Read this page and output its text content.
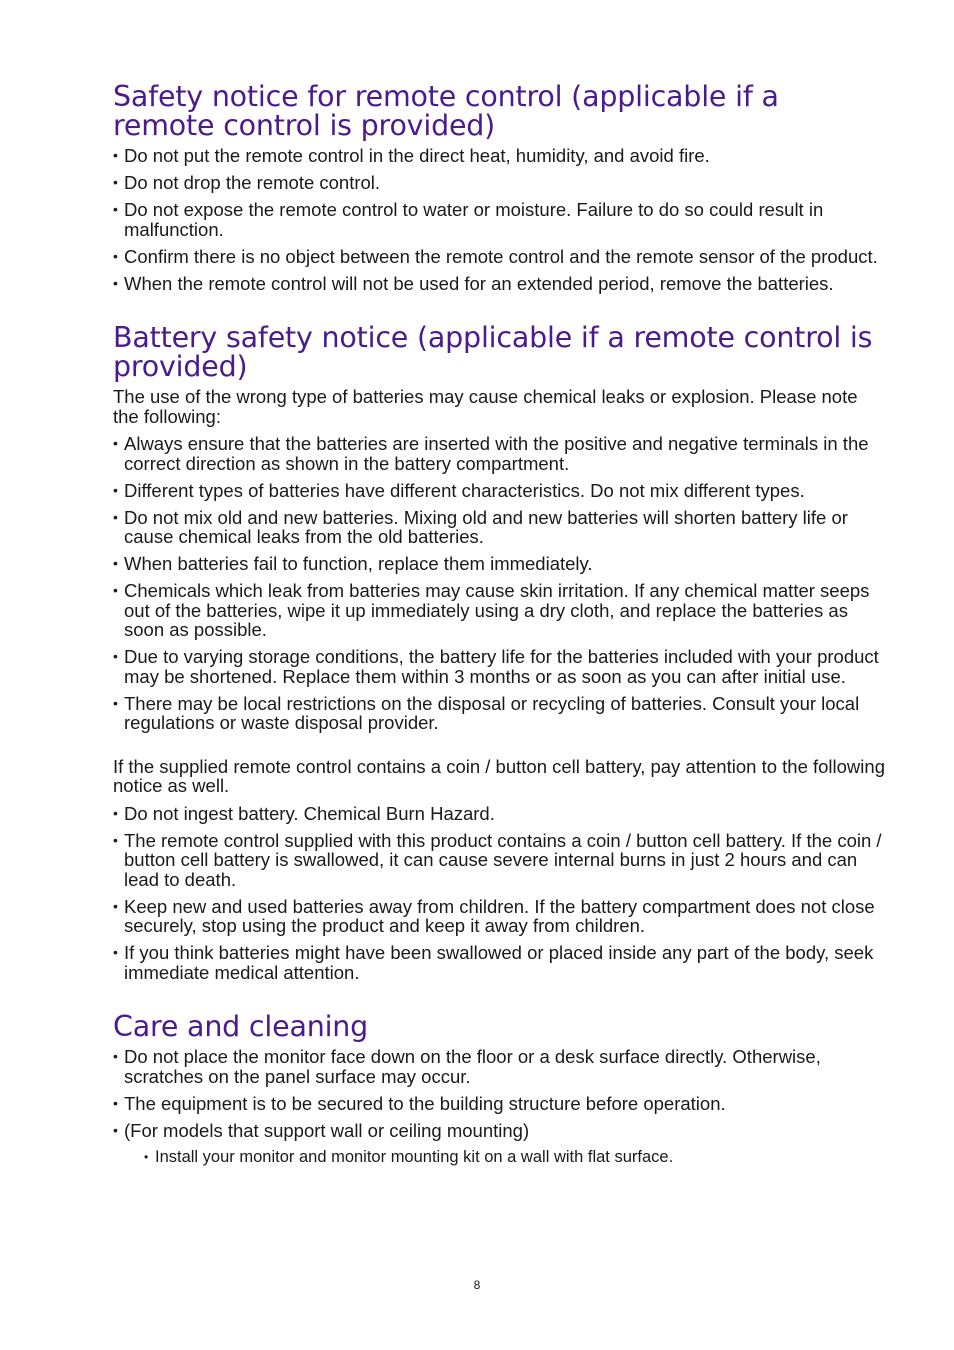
Safety notice for remote control (applicable if a remote control is provided)
• Do not put the remote control in the direct heat, humidity, and avoid fire.
• Do not drop the remote control.
• Do not expose the remote control to water or moisture. Failure to do so could result in malfunction.
• Confirm there is no object between the remote control and the remote sensor of the product.
• When the remote control will not be used for an extended period, remove the batteries.
Battery safety notice (applicable if a remote control is provided)

The use of the wrong type of batteries may cause chemical leaks or explosion. Please note the following:

• Always ensure that the batteries are inserted with the positive and negative terminals in the correct direction as shown in the battery compartment.
• Different types of batteries have different characteristics. Do not mix different types.
• Do not mix old and new batteries. Mixing old and new batteries will shorten battery life or cause chemical leaks from the old batteries.
• When batteries fail to function, replace them immediately.
• Chemicals which leak from batteries may cause skin irritation. If any chemical matter seeps out of the batteries, wipe it up immediately using a dry cloth, and replace the batteries as soon as possible.
• Due to varying storage conditions, the battery life for the batteries included with your product may be shortened. Replace them within 3 months or as soon as you can after initial use.
• There may be local restrictions on the disposal or recycling of batteries. Consult your local regulations or waste disposal provider.

If the supplied remote control contains a coin / button cell battery, pay attention to the following notice as well.

• Do not ingest battery. Chemical Burn Hazard.
• The remote control supplied with this product contains a coin / button cell battery. If the coin / button cell battery is swallowed, it can cause severe internal burns in just 2 hours and can lead to death.
• Keep new and used batteries away from children. If the battery compartment does not close securely, stop using the product and keep it away from children.
• If you think batteries might have been swallowed or placed inside any part of the body, seek immediate medical attention.
Care and cleaning
• Do not place the monitor face down on the floor or a desk surface directly. Otherwise, scratches on the panel surface may occur.
• The equipment is to be secured to the building structure before operation.
• (For models that support wall or ceiling mounting)
• Install your monitor and monitor mounting kit on a wall with flat surface.
8
